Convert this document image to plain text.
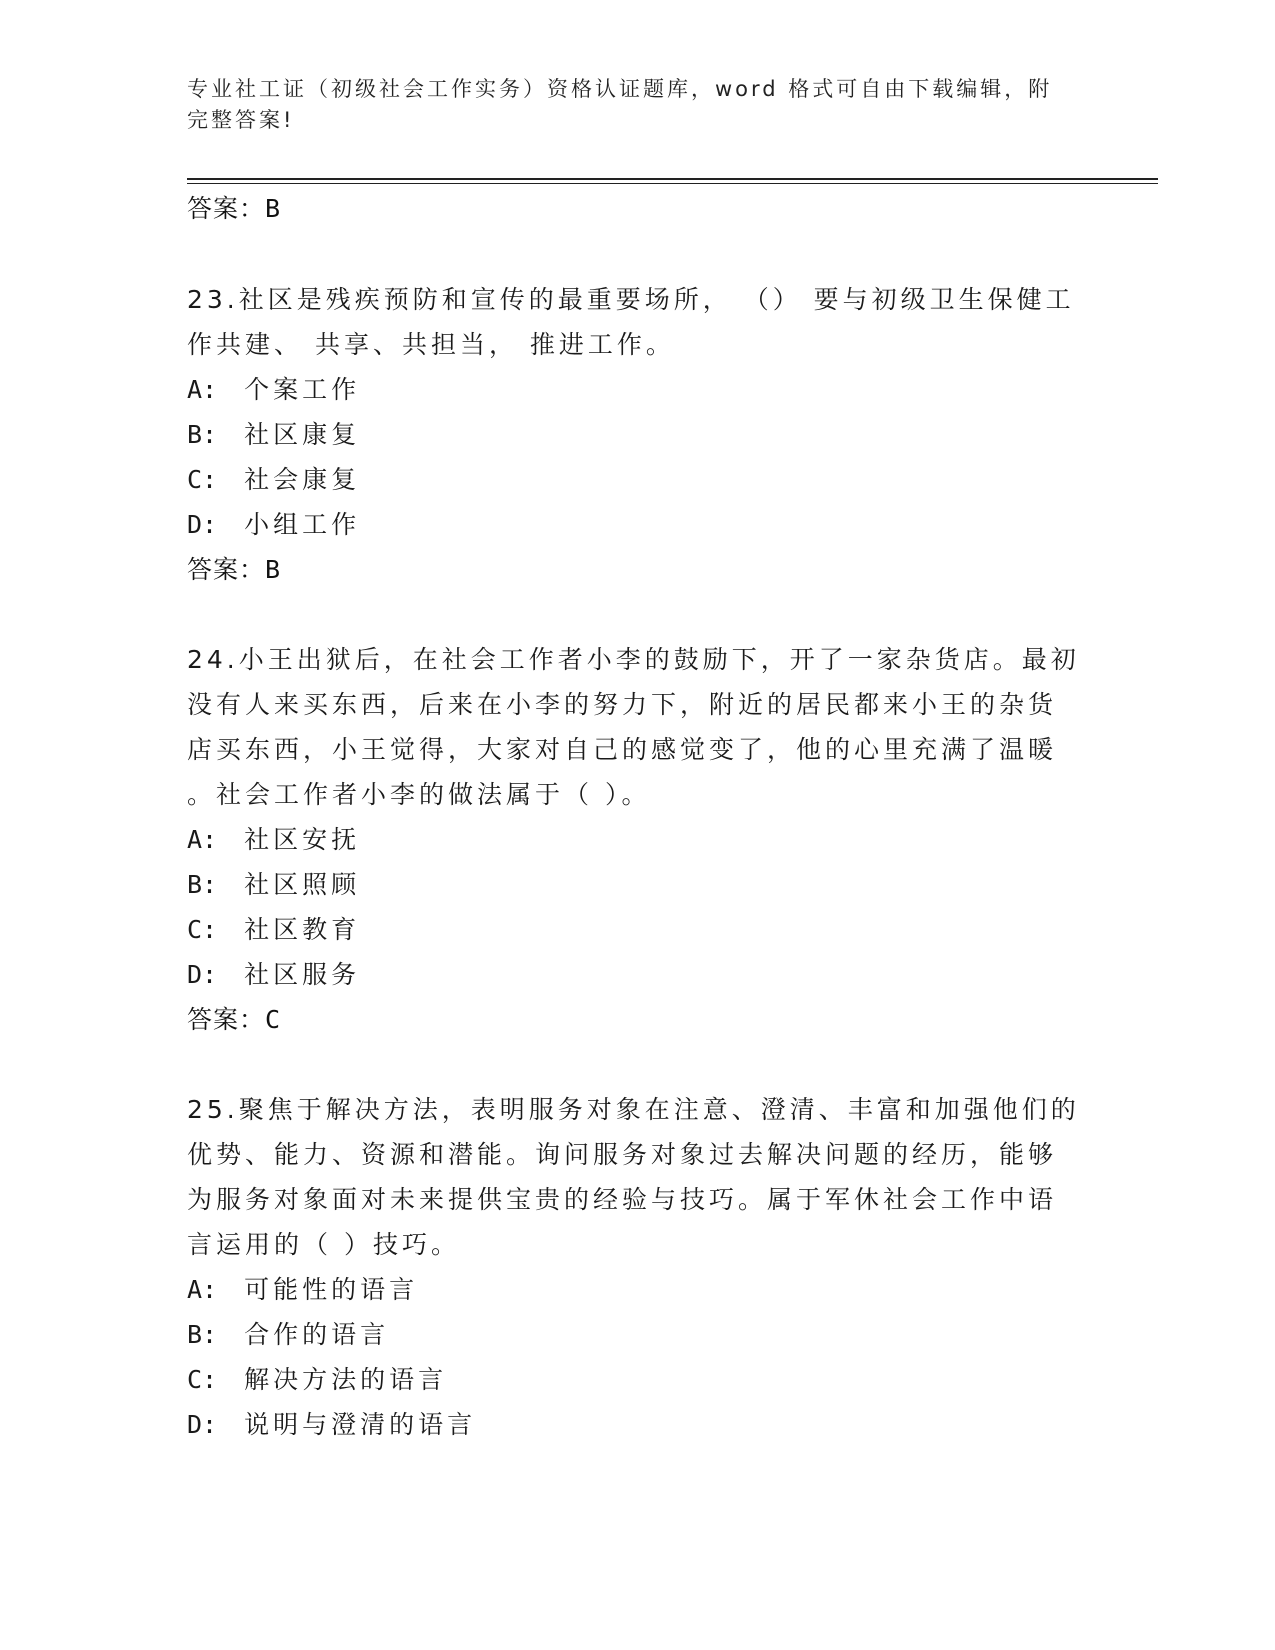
专业社工证（初级社会工作实务）资格认证题库，word 格式可自由下载编辑，附
完整答案!
答案：B
23.社区是残疾预防和宣传的最重要场所， （） 要与初级卫生保健工
作共建、 共享、共担当， 推进工作。
A: 个案工作
B: 社区康复
C: 社会康复
D: 小组工作
答案：B
24.小王出狱后，在社会工作者小李的鼓励下，开了一家杂货店。最初
没有人来买东西，后来在小李的努力下，附近的居民都来小王的杂货
店买东西，小王觉得，大家对自己的感觉变了，他的心里充满了温暖
。社会工作者小李的做法属于（ ）。
A: 社区安抚
B: 社区照顾
C: 社区教育
D: 社区服务
答案：C
25.聚焦于解决方法，表明服务对象在注意、澄清、丰富和加强他们的
优势、能力、资源和潜能。询问服务对象过去解决问题的经历，能够
为服务对象面对未来提供宝贵的经验与技巧。属于军休社会工作中语
言运用的（ ）技巧。
A: 可能性的语言
B: 合作的语言
C: 解决方法的语言
D: 说明与澄清的语言
